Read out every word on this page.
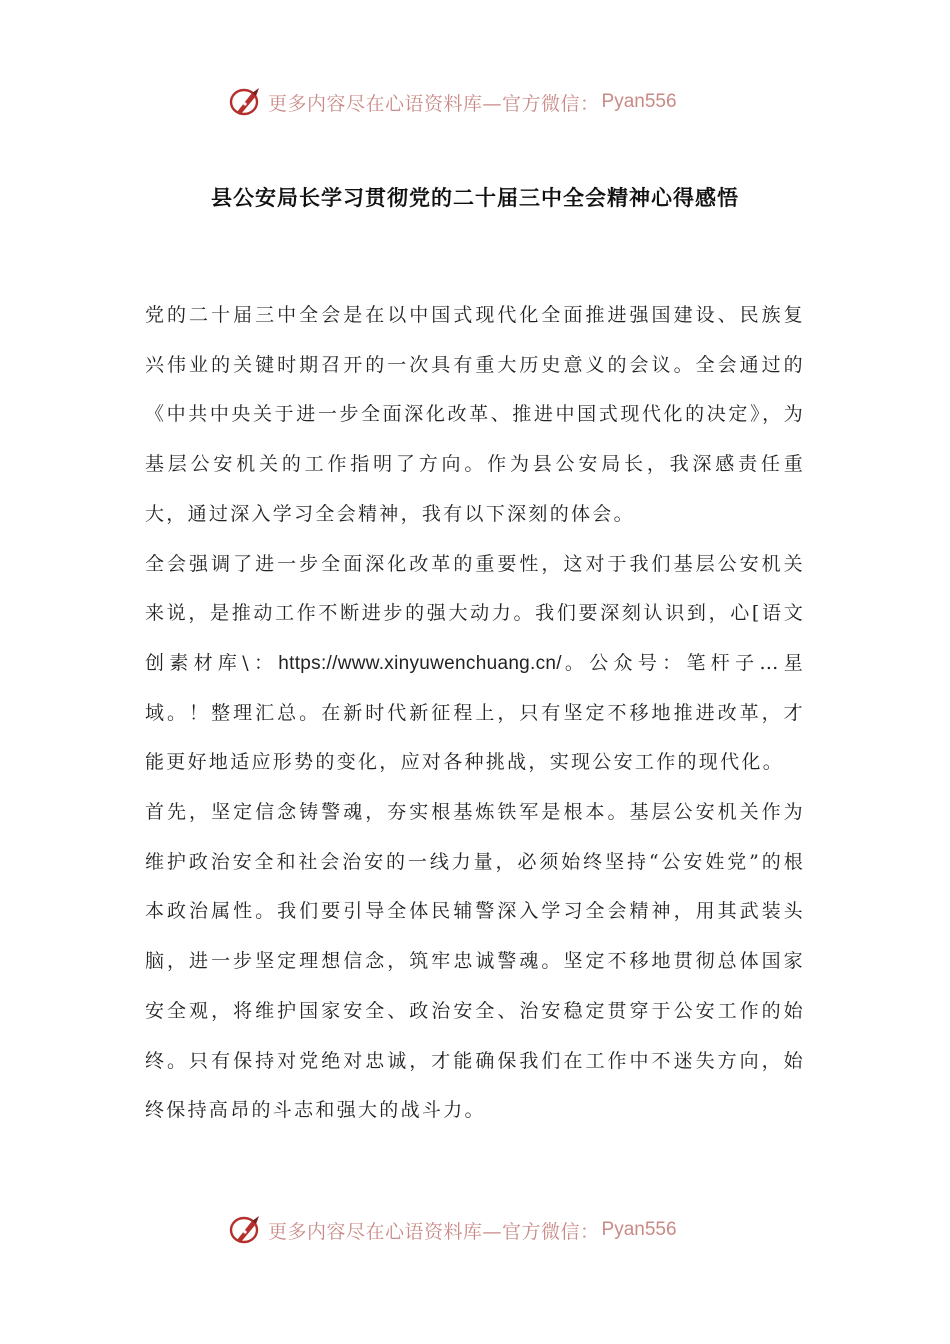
更多内容尽在心语资料库—官方微信： Pyan556
县公安局长学习贯彻党的二十届三中全会精神心得感悟

党的二十届三中全会是在以中国式现代化全面推进强国建设、民族复兴伟业的关键时期召开的一次具有重大历史意义的会议。全会通过的《中共中央关于进一步全面深化改革、推进中国式现代化的决定》，为基层公安机关的工作指明了方向。作为县公安局长，我深感责任重大，通过深入学习全会精神，我有以下深刻的体会。

全会强调了进一步全面深化改革的重要性，这对于我们基层公安机关来说，是推动工作不断进步的强大动力。我们要深刻认识到，心[语文创素材库\：https://www.xinyuwenchuang.cn/。公众号：笔杆子…星域。！整理汇总。在新时代新征程上，只有坚定不移地推进改革，才能更好地适应形势的变化，应对各种挑战，实现公安工作的现代化。

首先，坚定信念铸警魂，夯实根基炼铁军是根本。基层公安机关作为维护政治安全和社会治安的一线力量，必须始终坚持“公安姓党”的根本政治属性。我们要引导全体民辅警深入学习全会精神，用其武装头脑，进一步坚定理想信念，筑牢忠诚警魂。坚定不移地贯彻总体国家安全观，将维护国家安全、政治安全、治安稳定贯穿于公安工作的始终。只有保持对党绝对忠诚，才能确保我们在工作中不迷失方向，始终保持高昂的斗志和强大的战斗力。

更多内容尽在心语资料库—官方微信： Pyan556
